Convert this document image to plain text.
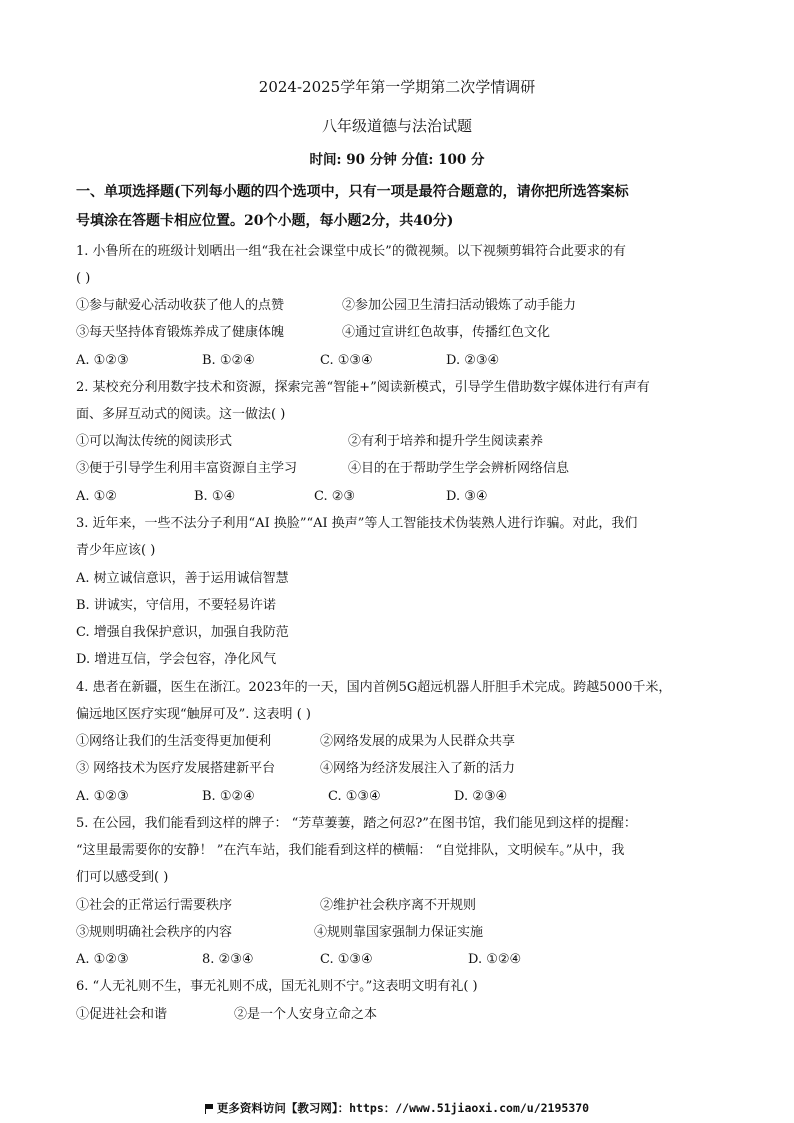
2024-2025学年第一学期第二次学情调研
八年级道德与法治试题
时间: 90 分钟 分值: 100 分
一、单项选择题(下列每小题的四个选项中，只有一项是最符合题意的，请你把所选答案标
号填涂在答题卡相应位置。20个小题，每小题2分，共40分)
1. 小鲁所在的班级计划晒出一组“我在社会课堂中成长”的微视频。以下视频剪辑符合此要求的有
( )
①参与献爱心活动收获了他人的点赞	②参加公园卫生清扫活动锻炼了动手能力
③每天坚持体育锻炼养成了健康体魄	④通过宣讲红色故事，传播红色文化
A. ①②③	B. ①②④	C. ①③④	D. ②③④
2. 某校充分利用数字技术和资源，探索完善“智能+”阅读新模式，引导学生借助数字媒体进行有声有
面、多屏互动式的阅读。这一做法( )
①可以淘汰传统的阅读形式	②有利于培养和提升学生阅读素养
③便于引导学生利用丰富资源自主学习	④目的在于帮助学生学会辨析网络信息
A. ①②	B. ①④	C. ②③	D. ③④
3. 近年来，一些不法分子利用“AI 换脸”“AI 换声”等人工智能技术伪装熟人进行诈骗。对此，我们
青少年应该( )
A. 树立诚信意识，善于运用诚信智慧
B. 讲诚实，守信用，不要轻易许诺
C. 增强自我保护意识，加强自我防范
D. 增进互信，学会包容，净化风气
4. 患者在新疆，医生在浙江。2023年的一天，国内首例5G超远机器人肝胆手术完成。跨越5000千米，
偏远地区医疗实现“触屏可及”. 这表明 ( )
①网络让我们的生活变得更加便利	②网络发展的成果为人民群众共享
③ 网络技术为医疗发展搭建新平台	④网络为经济发展注入了新的活力
A. ①②③	B. ①②④	C. ①③④	D. ②③④
5. 在公园，我们能看到这样的牌子： “芳草萋萋，踏之何忍?”在图书馆，我们能见到这样的提醒：
“这里最需要你的安静！ ”在汽车站，我们能看到这样的横幅： “自觉排队，文明候车。”从中，我
们可以感受到( )
①社会的正常运行需要秩序	②维护社会秩序离不开规则
③规则明确社会秩序的内容	④规则靠国家强制力保证实施
A. ①②③	8. ②③④	C. ①③④	D. ①②④
6. “人无礼则不生，事无礼则不成，国无礼则不宁。”这表明文明有礼( )
①促进社会和谐	②是一个人安身立命之本
更多资料访问【教习网】：https：//www.51jiaoxi.com/u/2195370
